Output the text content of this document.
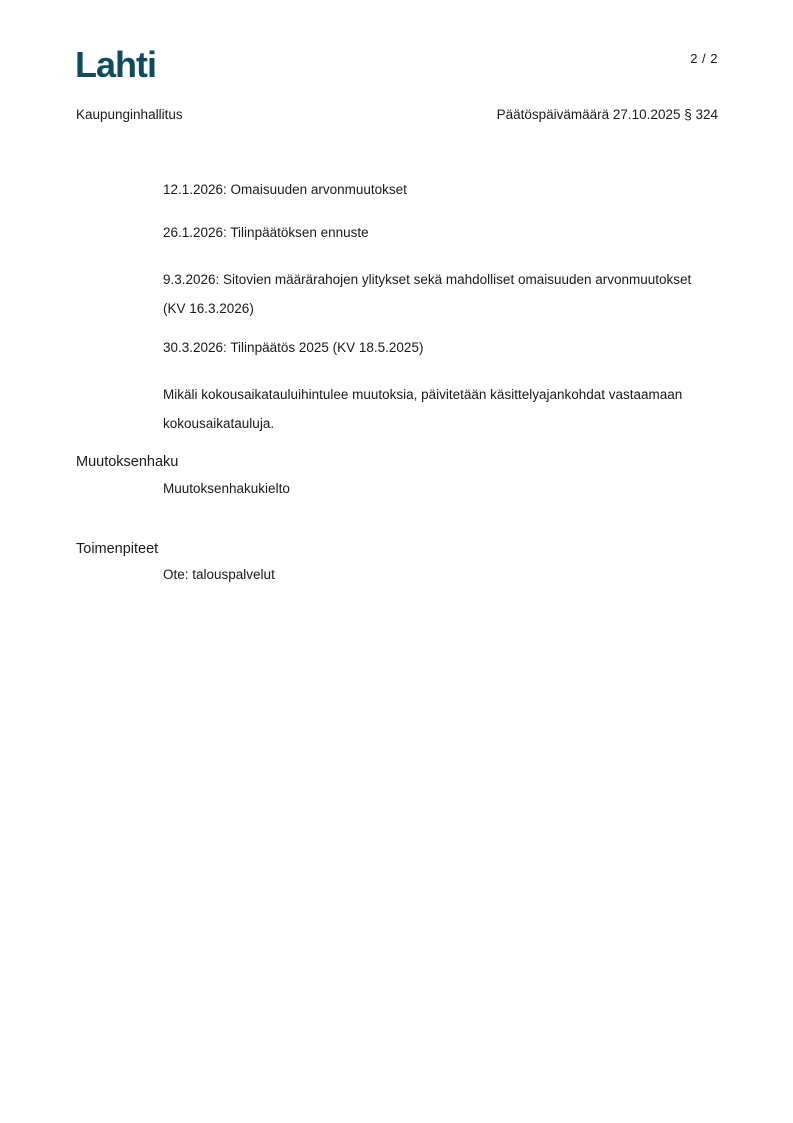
Lahti	2 / 2
Kaupunginhallitus	Päätöspäivämäärä 27.10.2025 § 324

12.1.2026: Omaisuuden arvonmuutokset

26.1.2026: Tilinpäätöksen ennuste

9.3.2026: Sitovien määrärahojen ylitykset sekä mahdolliset omaisuuden arvonmuutokset (KV 16.3.2026)

30.3.2026: Tilinpäätös 2025 (KV 18.5.2025)

Mikäli kokousaikatauluihintulee muutoksia, päivitetään käsittelyajankohdat vastaamaan kokousaikatauluja.

Muutoksenhaku
Muutoksenhakukielto
Toimenpiteet
Ote: talouspalvelut
